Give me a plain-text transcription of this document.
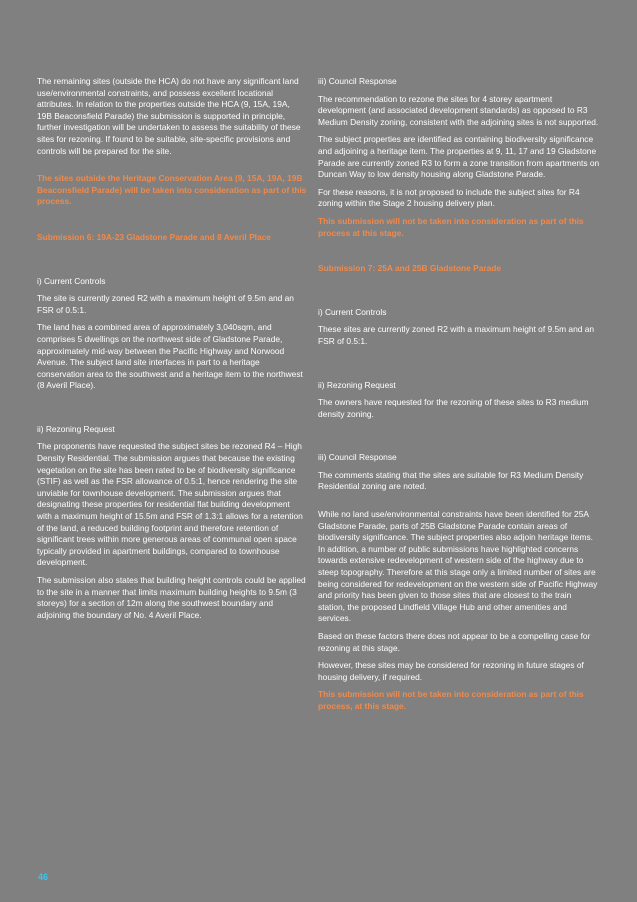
The remaining sites (outside the HCA) do not have any significant land use/environmental constraints, and possess excellent locational attributes. In relation to the properties outside the HCA (9, 15A, 19A, 19B Beaconsfield Parade) the submission is supported in principle, further investigation will be undertaken to assess the suitability of these sites for rezoning. If found to be suitable, site-specific provisions and controls will be prepared for the site.

The sites outside the Heritage Conservation Area (9, 15A, 19A, 19B Beaconsfield Parade) will be taken into consideration as part of this process.

Submission 6: 19A-23 Gladstone Parade and 8 Averil Place

i) Current Controls

The site is currently zoned R2 with a maximum height of 9.5m and an FSR of 0.5:1.

The land has a combined area of approximately 3,040sqm, and comprises 5 dwellings on the northwest side of Gladstone Parade, approximately mid-way between the Pacific Highway and Norwood Avenue. The subject land site interfaces in part to a heritage conservation area to the southwest and a heritage item to the northwest (8 Averil Place).

ii) Rezoning Request

The proponents have requested the subject sites be rezoned R4 – High Density Residential. The submission argues that because the existing vegetation on the site has been rated to be of biodiversity significance (STIF) as well as the FSR allowance of 0.5:1, hence rendering the site unviable for townhouse development. The submission argues that designating these properties for residential flat building development with a maximum height of 15.5m and FSR of 1.3:1 allows for a retention of the land, a reduced building footprint and therefore retention of significant trees within more generous areas of communal open space typically provided in apartment buildings, compared to townhouse development.

The submission also states that building height controls could be applied to the site in a manner that limits maximum building heights to 9.5m (3 storeys) for a section of 12m along the southwest boundary and adjoining the boundary of No. 4 Averil Place.

iii) Council Response

The recommendation to rezone the sites for 4 storey apartment development (and associated development standards) as opposed to R3 Medium Density zoning, consistent with the adjoining sites is not supported.

The subject properties are identified as containing biodiversity significance and adjoining a heritage item. The properties at 9, 11, 17 and 19 Gladstone Parade are currently zoned R3 to form a zone transition from apartments on Duncan Way to low density housing along Gladstone Parade.

For these reasons, it is not proposed to include the subject sites for R4 zoning within the Stage 2 housing delivery plan.

This submission will not be taken into consideration as part of this process at this stage.

Submission 7: 25A and 25B Gladstone Parade

i) Current Controls

These sites are currently zoned R2 with a maximum height of 9.5m and an FSR of 0.5:1.

ii) Rezoning Request

The owners have requested for the rezoning of these sites to R3 medium density zoning.

iii) Council Response

The comments stating that the sites are suitable for R3 Medium Density Residential zoning are noted.

While no land use/environmental constraints have been identified for 25A Gladstone Parade, parts of 25B Gladstone Parade contain areas of biodiversity significance. The subject properties also adjoin heritage items. In addition, a number of public submissions have highlighted concerns towards extensive redevelopment of western side of the highway due to steep topography. Therefore at this stage only a limited number of sites are being considered for redevelopment on the western side of Pacific Highway and priority has been given to those sites that are closest to the train station, the proposed Lindfield Village Hub and other amenities and services.

Based on these factors there does not appear to be a compelling case for rezoning at this stage.

However, these sites may be considered for rezoning in future stages of housing delivery, if required.

This submission will not be taken into consideration as part of this process, at this stage.

46
